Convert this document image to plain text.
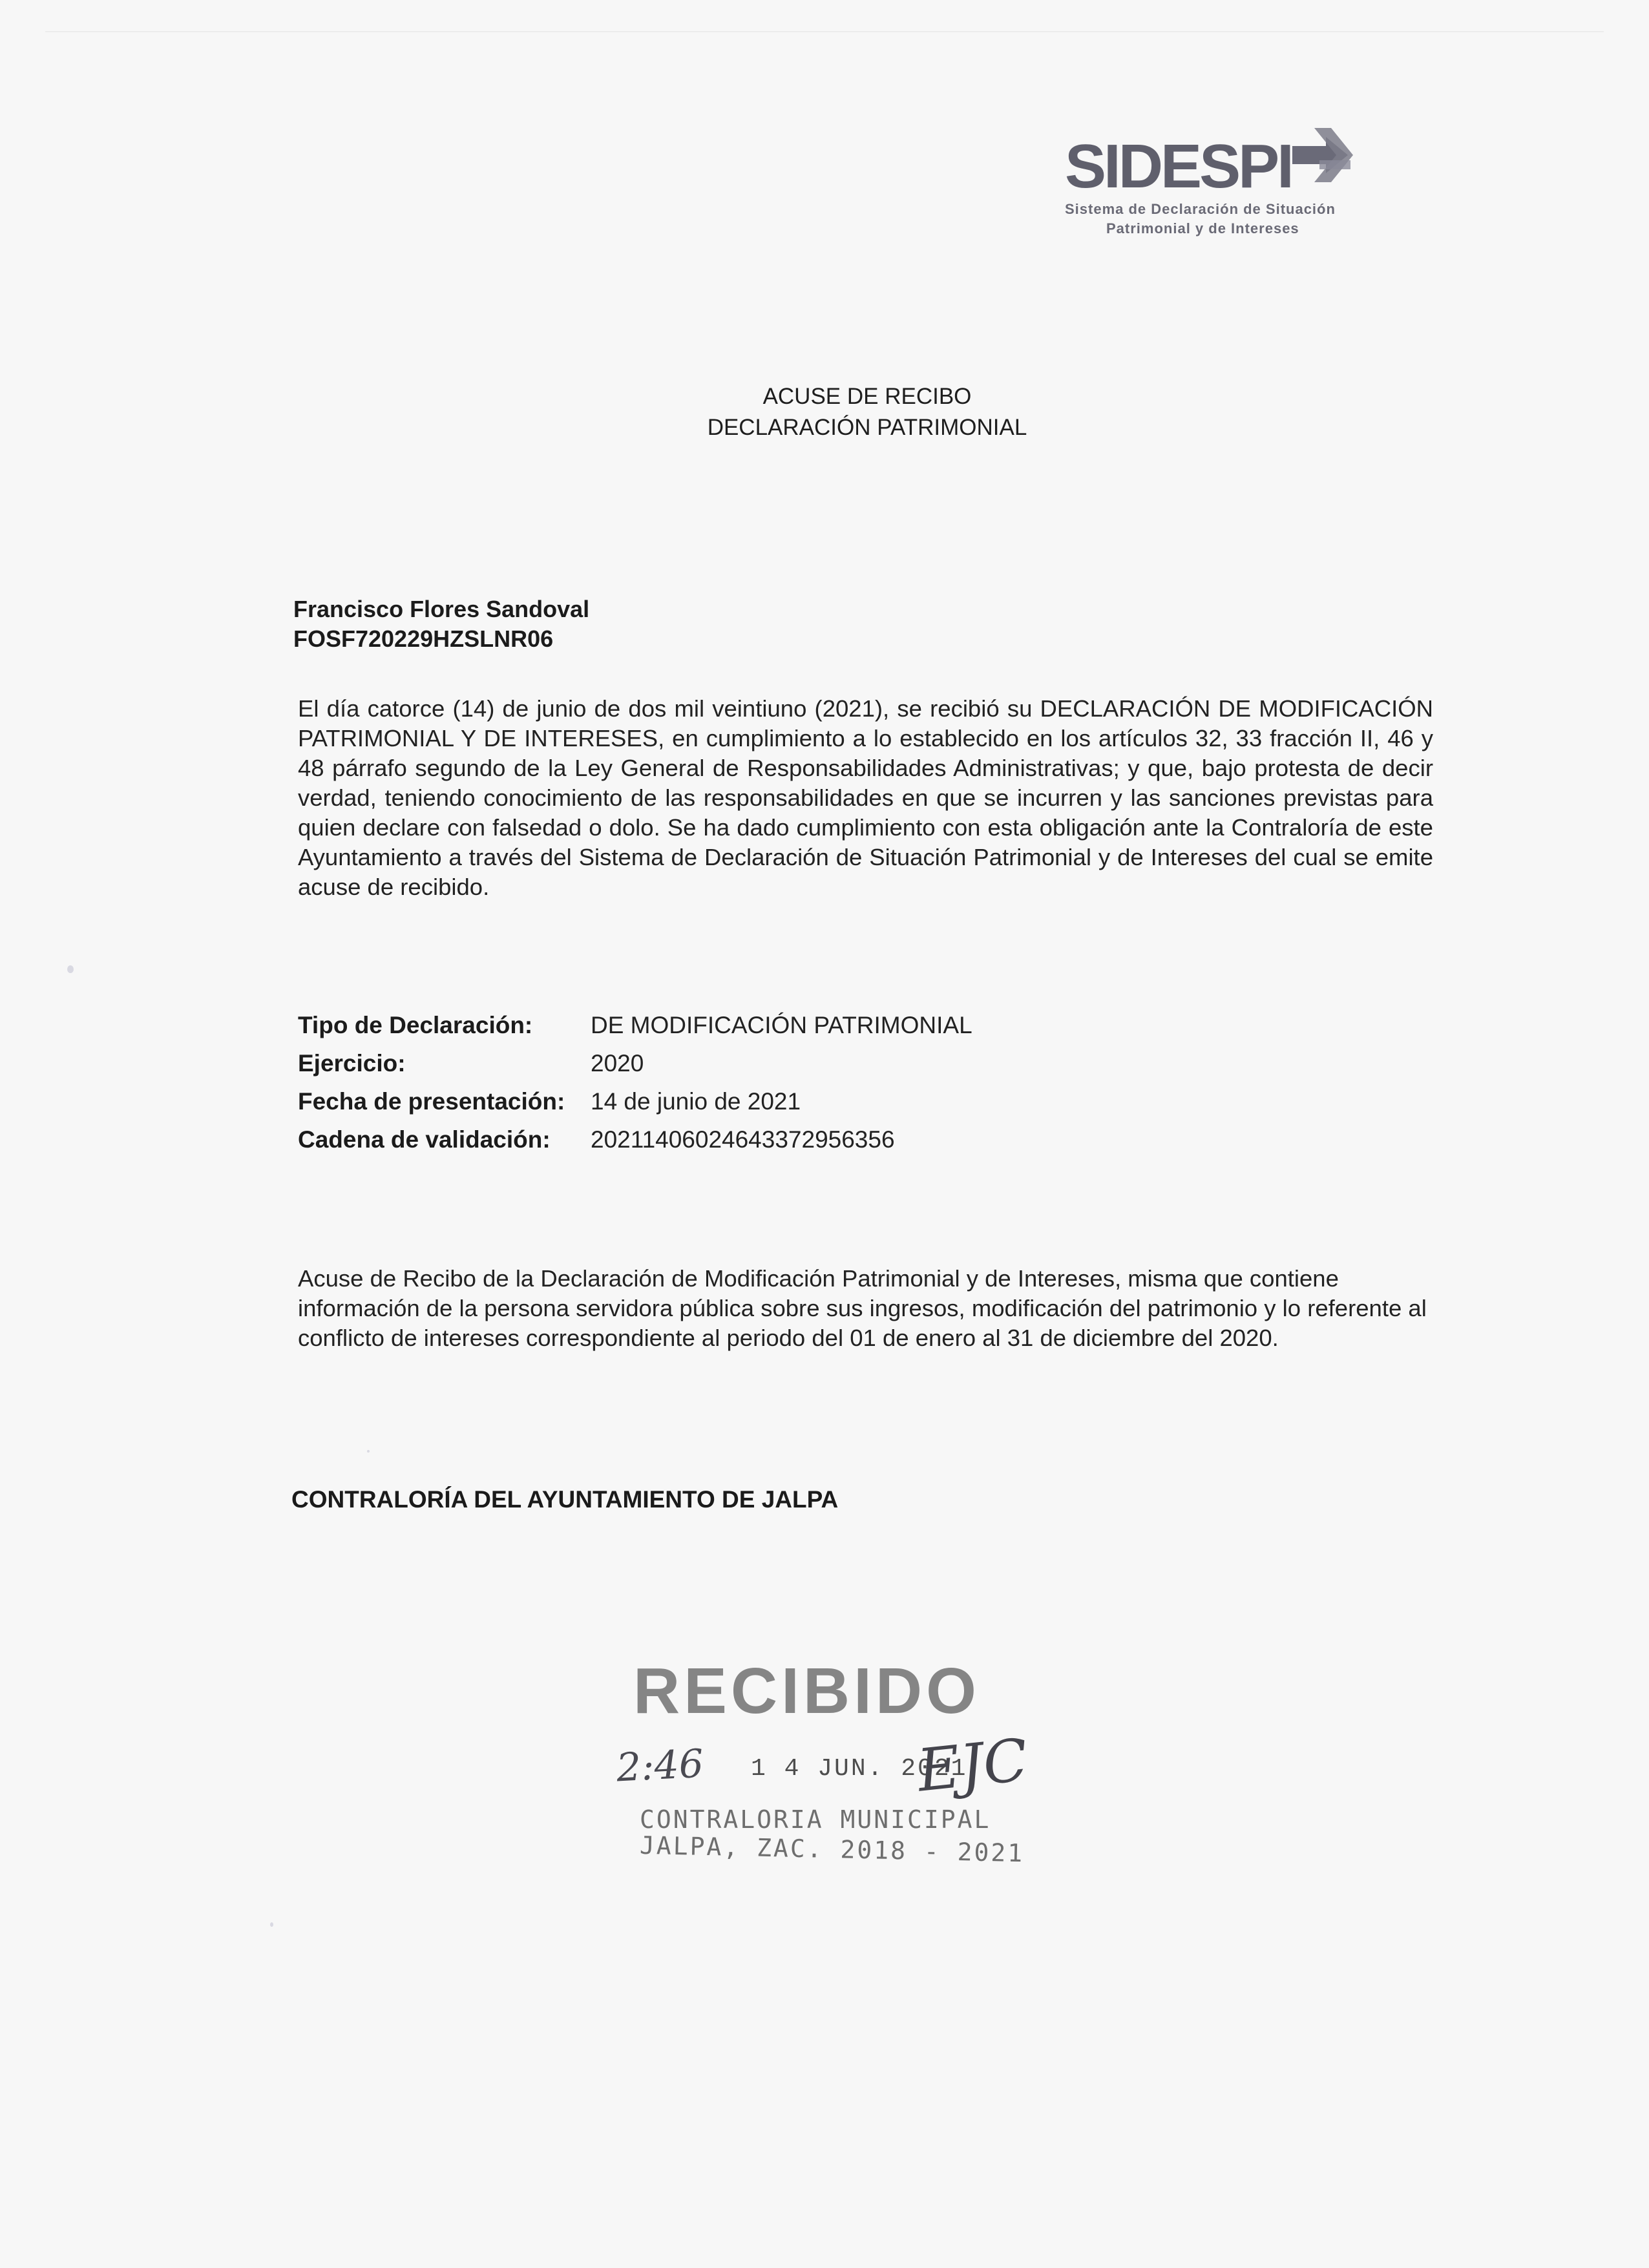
SIDESPI
Sistema de Declaración de Situación
Patrimonial y de Intereses
ACUSE DE RECIBO
DECLARACIÓN PATRIMONIAL
Francisco Flores Sandoval
FOSF720229HZSLNR06
El día catorce (14) de junio de dos mil veintiuno (2021), se recibió su DECLARACIÓN DE MODIFICACIÓN PATRIMONIAL Y DE INTERESES, en cumplimiento a lo establecido en los artículos 32, 33 fracción II, 46 y 48 párrafo segundo de la Ley General de Responsabilidades Administrativas; y que, bajo protesta de decir verdad, teniendo conocimiento de las responsabilidades en que se incurren y las sanciones previstas para quien declare con falsedad o dolo. Se ha dado cumplimiento con esta obligación ante la Contraloría de este Ayuntamiento a través del Sistema de Declaración de Situación Patrimonial y de Intereses del cual se emite acuse de recibido.
Tipo de Declaración: DE MODIFICACIÓN PATRIMONIAL
Ejercicio:	2020
Fecha de presentación: 14 de junio de 2021
Cadena de validación: 20211406024643372956356
Acuse de Recibo de la Declaración de Modificación Patrimonial y de Intereses, misma que contiene información de la persona servidora pública sobre sus ingresos, modificación del patrimonio y lo referente al conflicto de intereses correspondiente al periodo del 01 de enero al 31 de diciembre del 2020.
CONTRALORÍA DEL AYUNTAMIENTO DE JALPA
RECIBIDO
2:46 1 4 JUN. 2021
EJC
CONTRALORIA MUNICIPAL
JALPA, ZAC. 2018 - 2021
